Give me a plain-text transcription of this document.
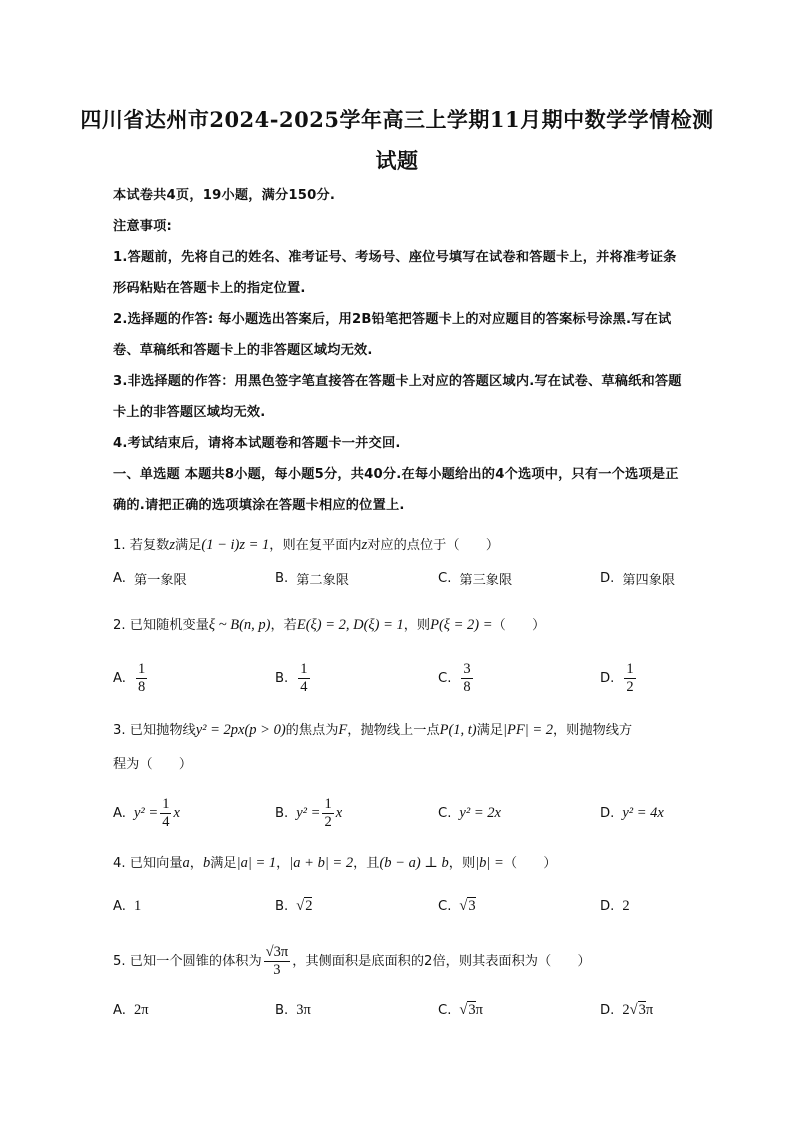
四川省达州市2024-2025学年高三上学期11月期中数学学情检测
试题
本试卷共4页，19小题，满分150分.
注意事项:
1.答题前，先将自己的姓名、准考证号、考场号、座位号填写在试卷和答题卡上，并将准考证条形码粘贴在答题卡上的指定位置.
2.选择题的作答: 每小题选出答案后，用2B铅笔把答题卡上的对应题目的答案标号涂黑.写在试卷、草稿纸和答题卡上的非答题区域均无效.
3.非选择题的作答：用黑色签字笔直接答在答题卡上对应的答题区域内.写在试卷、草稿纸和答题卡上的非答题区域均无效.
4.考试结束后，请将本试题卷和答题卡一并交回.
一、单选题 本题共8小题，每小题5分，共40分.在每小题给出的4个选项中，只有一个选项是正确的.请把正确的选项填涂在答题卡相应的位置上.
1. 若复数z满足(1 − i)z = 1，则在复平面内z对应的点位于（　　）
A. 第一象限	B. 第二象限	C. 第三象限	D. 第四象限
2. 已知随机变量ξ ~ B(n, p)，若E(ξ) = 2, D(ξ) = 1，则P(ξ = 2) =（　　）
A. $\frac{1}{8}$	B. $\frac{1}{4}$	C. $\frac{3}{8}$	D. $\frac{1}{2}$
3. 已知抛物线y² = 2px(p > 0)的焦点为F，抛物线上一点P(1, t)满足|PF| = 2，则抛物线方
程为（　　）
A. $y^2 = \frac{1}{4}$ x	B. $y^2 = \frac{1}{2}$ x	C. y² = 2x	D. y² = 4x
4. 已知向量a，b满足|a| = 1，|a + b| = 2，且(b − a) ⊥ b，则|b| =（　　）
A. 1	B. √2	C. √3	D. 2
5. 已知一个圆锥的体积为 $\frac{√3\pi}{3}$ ，其侧面积是底面积的2倍，则其表面积为（　　）
A. 2π	B. 3π	C. √3 π	D. 2 √3 π
